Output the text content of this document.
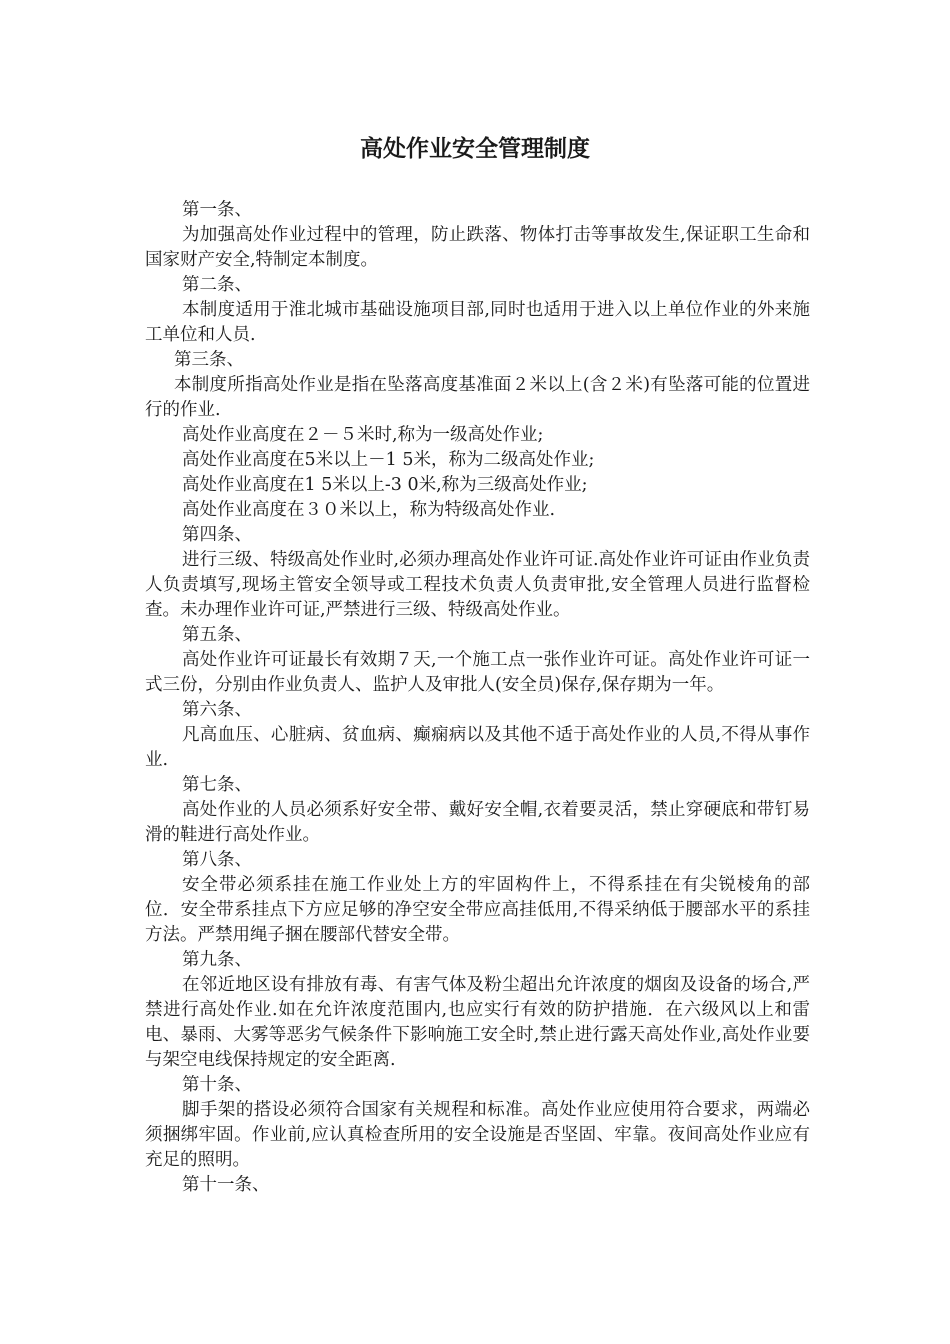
高处作业安全管理制度

第一条、

为加强高处作业过程中的管理，防止跌落、物体打击等事故发生,保证职工生命和国家财产安全,特制定本制度。

第二条、

本制度适用于淮北城市基础设施项目部,同时也适用于进入以上单位作业的外来施工单位和人员.

第三条、

本制度所指高处作业是指在坠落高度基准面２米以上(含２米)有坠落可能的位置进行的作业.

高处作业高度在２－５米时,称为一级高处作业;

高处作业高度在5米以上－1 5米，称为二级高处作业;

高处作业高度在1 5米以上-3 0米,称为三级高处作业;

高处作业高度在３０米以上，称为特级高处作业.

第四条、

进行三级、特级高处作业时,必须办理高处作业许可证.高处作业许可证由作业负责人负责填写,现场主管安全领导或工程技术负责人负责审批,安全管理人员进行监督检查。未办理作业许可证,严禁进行三级、特级高处作业。

第五条、

高处作业许可证最长有效期７天,一个施工点一张作业许可证。高处作业许可证一式三份，分别由作业负责人、监护人及审批人(安全员)保存,保存期为一年。

第六条、

凡高血压、心脏病、贫血病、癫痫病以及其他不适于高处作业的人员,不得从事作业.

第七条、

高处作业的人员必须系好安全带、戴好安全帽,衣着要灵活，禁止穿硬底和带钉易滑的鞋进行高处作业。

第八条、

安全带必须系挂在施工作业处上方的牢固构件上，不得系挂在有尖锐棱角的部位．安全带系挂点下方应足够的净空安全带应高挂低用,不得采纳低于腰部水平的系挂方法。严禁用绳子捆在腰部代替安全带。

第九条、

在邻近地区设有排放有毒、有害气体及粉尘超出允许浓度的烟囱及设备的场合,严禁进行高处作业.如在允许浓度范围内,也应实行有效的防护措施．在六级风以上和雷电、暴雨、大雾等恶劣气候条件下影响施工安全时,禁止进行露天高处作业,高处作业要与架空电线保持规定的安全距离.

第十条、

脚手架的搭设必须符合国家有关规程和标准。高处作业应使用符合要求，两端必须捆绑牢固。作业前,应认真检查所用的安全设施是否坚固、牢靠。夜间高处作业应有充足的照明。

第十一条、
